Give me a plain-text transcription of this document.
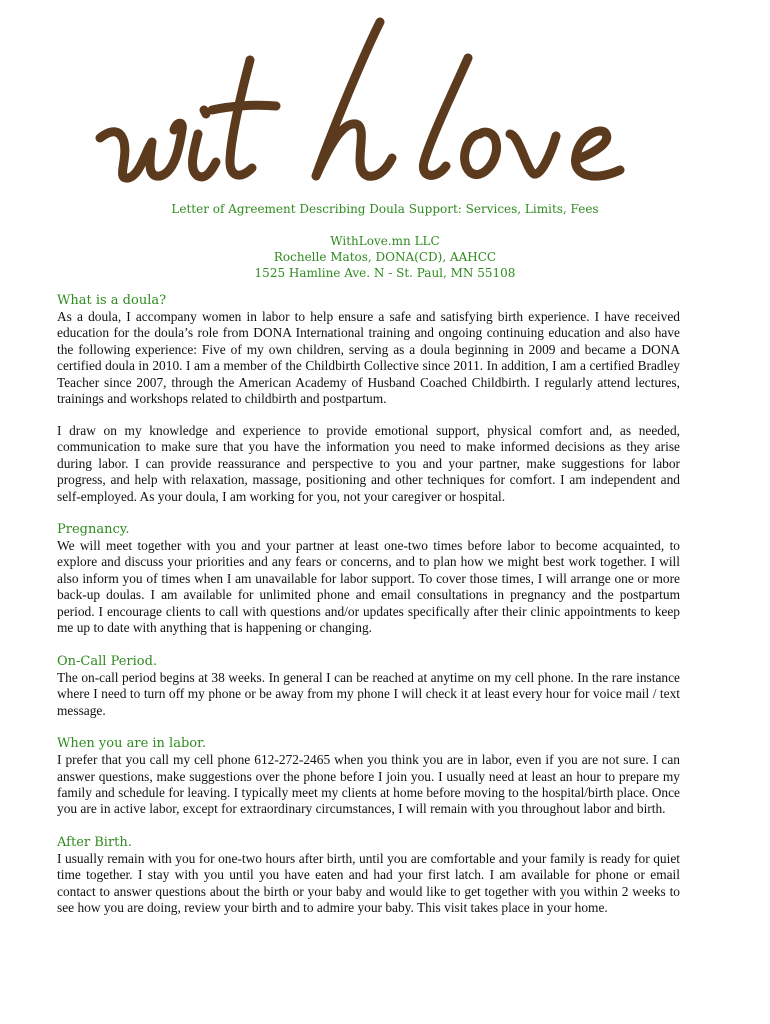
Letter of Agreement Describing Doula Support: Services, Limits, Fees
WithLove.mn LLC
Rochelle Matos, DONA(CD), AAHCC
1525 Hamline Ave. N - St. Paul, MN 55108
What is a doula?

As a doula, I accompany women in labor to help ensure a safe and satisfying birth experience. I have received education for the doula’s role from DONA International training and ongoing continuing education and also have the following experience: Five of my own children, serving as a doula beginning in 2009 and became a DONA certified doula in 2010. I am a member of the Childbirth Collective since 2011. In addition, I am a certified Bradley Teacher since 2007, through the American Academy of Husband Coached Childbirth. I regularly attend lectures, trainings and workshops related to childbirth and postpartum.

I draw on my knowledge and experience to provide emotional support, physical comfort and, as needed, communication to make sure that you have the information you need to make informed decisions as they arise during labor. I can provide reassurance and perspective to you and your partner, make suggestions for labor progress, and help with relaxation, massage, positioning and other techniques for comfort. I am independent and self-employed. As your doula, I am working for you, not your caregiver or hospital.

Pregnancy.

We will meet together with you and your partner at least one-two times before labor to become acquainted, to explore and discuss your priorities and any fears or concerns, and to plan how we might best work together. I will also inform you of times when I am unavailable for labor support. To cover those times, I will arrange one or more back-up doulas. I am available for unlimited phone and email consultations in pregnancy and the postpartum period. I encourage clients to call with questions and/or updates specifically after their clinic appointments to keep me up to date with anything that is happening or changing.

On-Call Period.

The on-call period begins at 38 weeks. In general I can be reached at anytime on my cell phone. In the rare instance where I need to turn off my phone or be away from my phone I will check it at least every hour for voice mail / text message.

When you are in labor.

I prefer that you call my cell phone 612-272-2465 when you think you are in labor, even if you are not sure. I can answer questions, make suggestions over the phone before I join you. I usually need at least an hour to prepare my family and schedule for leaving. I typically meet my clients at home before moving to the hospital/birth place. Once you are in active labor, except for extraordinary circumstances, I will remain with you throughout labor and birth.

After Birth.

I usually remain with you for one-two hours after birth, until you are comfortable and your family is ready for quiet time together. I stay with you until you have eaten and had your first latch. I am available for phone or email contact to answer questions about the birth or your baby and would like to get together with you within 2 weeks to see how you are doing, review your birth and to admire your baby. This visit takes place in your home.
